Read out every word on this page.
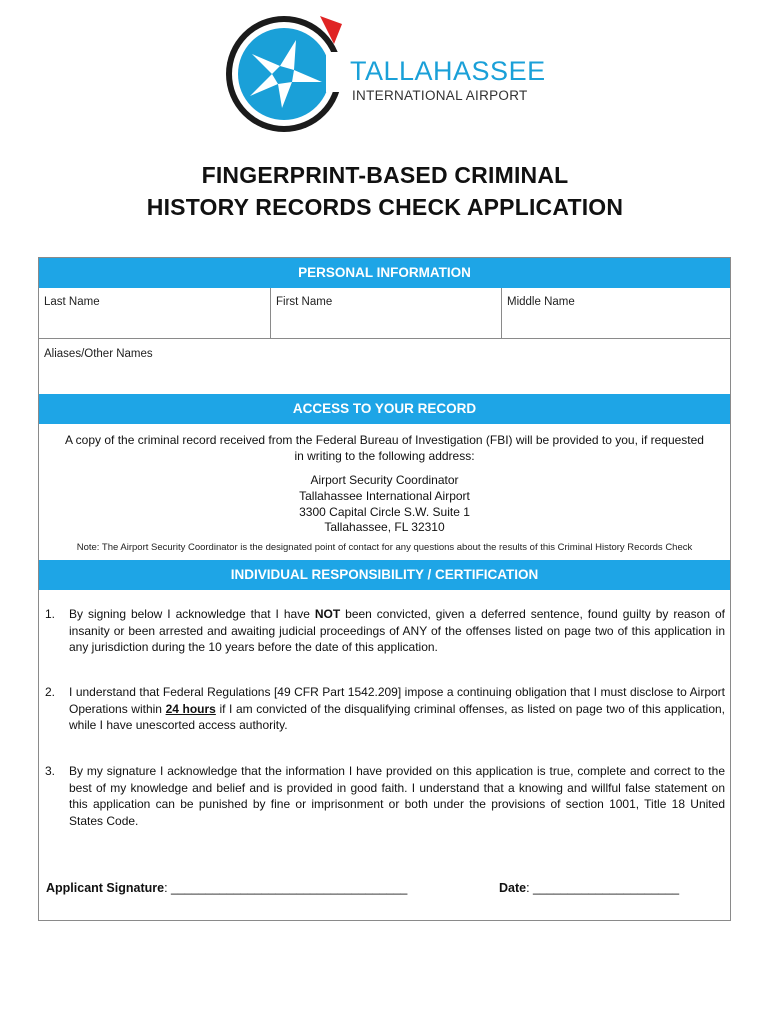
TALLAHASSEE
INTERNATIONAL AIRPORT
FINGERPRINT-BASED CRIMINAL
HISTORY RECORDS CHECK APPLICATION
PERSONAL INFORMATION
Last Name	First Name	Middle Name
Aliases/Other Names
ACCESS TO YOUR RECORD
A copy of the criminal record received from the Federal Bureau of Investigation (FBI) will be provided to you, if requested
in writing to the following address:
Airport Security Coordinator
Tallahassee International Airport
3300 Capital Circle S.W. Suite 1
Tallahassee, FL 32310
Note: The Airport Security Coordinator is the designated point of contact for any questions about the results of this Criminal History Records Check
INDIVIDUAL RESPONSIBILITY / CERTIFICATION
1. By signing below I acknowledge that I have NOT been convicted, given a deferred sentence, found guilty by reason of insanity or been arrested and awaiting judicial proceedings of ANY of the offenses listed on page two of this application in any jurisdiction during the 10 years before the date of this application.
2. I understand that Federal Regulations [49 CFR Part 1542.209] impose a continuing obligation that I must disclose to Airport Operations within 24 hours if I am convicted of the disqualifying criminal offenses, as listed on page two of this application, while I have unescorted access authority.
3. By my signature I acknowledge that the information I have provided on this application is true, complete and correct to the best of my knowledge and belief and is provided in good faith. I understand that a knowing and willful false statement on this application can be punished by fine or imprisonment or both under the provisions of section 1001, Title 18 United States Code.
Applicant Signature: __________________________________	Date: _____________________
